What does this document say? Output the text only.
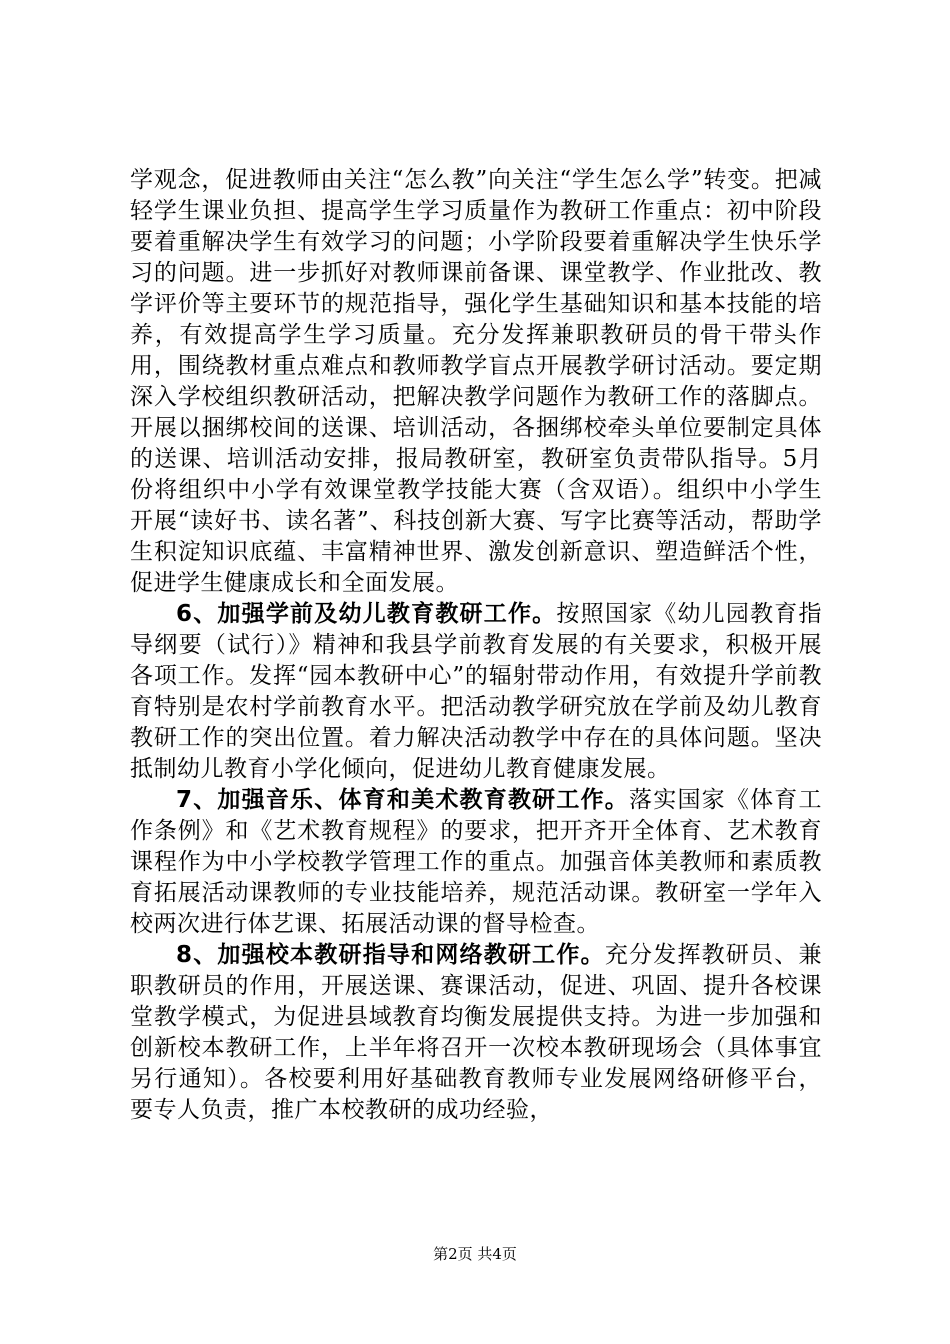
学观念，促进教师由关注“怎么教”向关注“学生怎么学”转变。把减轻学生课业负担、提高学生学习质量作为教研工作重点：初中阶段要着重解决学生有效学习的问题；小学阶段要着重解决学生快乐学习的问题。进一步抓好对教师课前备课、课堂教学、作业批改、教学评价等主要环节的规范指导，强化学生基础知识和基本技能的培养，有效提高学生学习质量。充分发挥兼职教研员的骨干带头作用，围绕教材重点难点和教师教学盲点开展教学研讨活动。要定期深入学校组织教研活动，把解决教学问题作为教研工作的落脚点。开展以捆绑校间的送课、培训活动，各捆绑校牵头单位要制定具体的送课、培训活动安排，报局教研室，教研室负责带队指导。5月份将组织中小学有效课堂教学技能大赛（含双语）。组织中小学生开展“读好书、读名著”、科技创新大赛、写字比赛等活动，帮助学生积淀知识底蕴、丰富精神世界、激发创新意识、塑造鲜活个性，促进学生健康成长和全面发展。

6、加强学前及幼儿教育教研工作。按照国家《幼儿园教育指导纲要（试行）》精神和我县学前教育发展的有关要求，积极开展各项工作。发挥“园本教研中心”的辐射带动作用，有效提升学前教育特别是农村学前教育水平。把活动教学研究放在学前及幼儿教育教研工作的突出位置。着力解决活动教学中存在的具体问题。坚决抵制幼儿教育小学化倾向，促进幼儿教育健康发展。

7、加强音乐、体育和美术教育教研工作。落实国家《体育工作条例》和《艺术教育规程》的要求，把开齐开全体育、艺术教育课程作为中小学校教学管理工作的重点。加强音体美教师和素质教育拓展活动课教师的专业技能培养，规范活动课。教研室一学年入校两次进行体艺课、拓展活动课的督导检查。

8、加强校本教研指导和网络教研工作。充分发挥教研员、兼职教研员的作用，开展送课、赛课活动，促进、巩固、提升各校课堂教学模式，为促进县域教育均衡发展提供支持。为进一步加强和创新校本教研工作，上半年将召开一次校本教研现场会（具体事宜另行通知）。各校要利用好基础教育教师专业发展网络研修平台，要专人负责，推广本校教研的成功经验，

第2页 共4页
